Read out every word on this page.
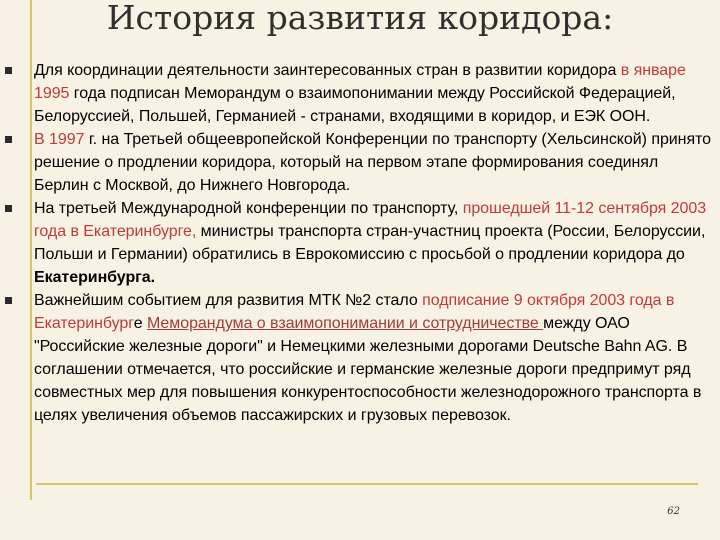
История развития коридора:
Для координации деятельности заинтересованных стран в развитии коридора в январе 1995 года подписан Меморандум о взаимопонимании между Российской Федерацией, Белоруссией, Польшей, Германией - странами, входящими в коридор, и ЕЭК ООН.
В 1997 г. на Третьей общеевропейской Конференции по транспорту (Хельсинской) принято решение о продлении коридора, который на первом этапе формирования соединял Берлин с Москвой, до Нижнего Новгорода.
На третьей Международной конференции по транспорту, прошедшей 11-12 сентября 2003 года в Екатеринбурге, министры транспорта стран-участниц проекта (России, Белоруссии, Польши и Германии) обратились в Еврокомиссию с просьбой о продлении коридора до Екатеринбурга.
Важнейшим событием для развития МТК №2 стало подписание 9 октября 2003 года в Екатеринбурге Меморандума о взаимопонимании и сотрудничестве между ОАО "Российские железные дороги" и Немецкими железными дорогами Deutsche Bahn AG. В соглашении отмечается, что российские и германские железные дороги предпримут ряд совместных мер для повышения конкурентоспособности железнодорожного транспорта в целях увеличения объемов пассажирских и грузовых перевозок.
62
